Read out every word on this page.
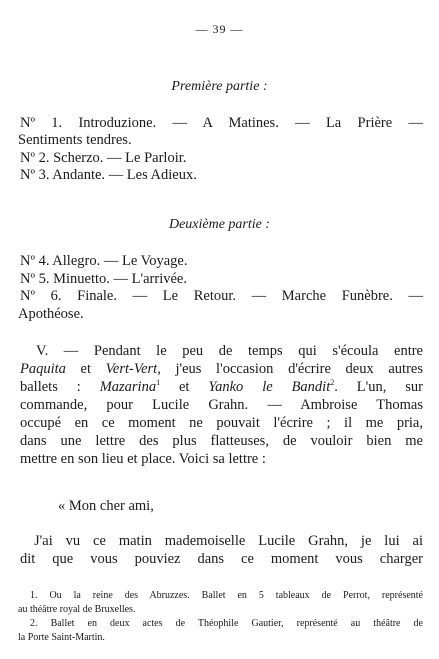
— 39 —
Première partie :
Nº 1. Introduzione. — A Matines. — La Prière —
Sentiments tendres.
Nº 2. Scherzo. — Le Parloir.
Nº 3. Andante. — Les Adieux.
Deuxième partie :
Nº 4. Allegro. — Le Voyage.
Nº 5. Minuetto. — L'arrivée.
Nº 6. Finale. — Le Retour. — Marche Funèbre. —
Apothéose.
V. — Pendant le peu de temps qui s'écoula entre
Paquita et Vert-Vert, j'eus l'occasion d'écrire deux autres
ballets : Mazarina$^1$ et Yanko le Bandit$^2$. L'un, sur
commande, pour Lucile Grahn. — Ambroise Thomas
occupé en ce moment ne pouvait l'écrire ; il me pria,
dans une lettre des plus flatteuses, de vouloir bien me
mettre en son lieu et place. Voici sa lettre :
« Mon cher ami,
J'ai vu ce matin mademoiselle Lucile Grahn, je lui ai
dit que vous pouviez dans ce moment vous charger
1. Ou la reine des Abruzzes. Ballet en 5 tableaux de Perrot, représenté
au théâtre royal de Bruxelles.
2. Ballet en deux actes de Théophile Gautier, représenté au théâtre de
la Porte Saint-Martin.
